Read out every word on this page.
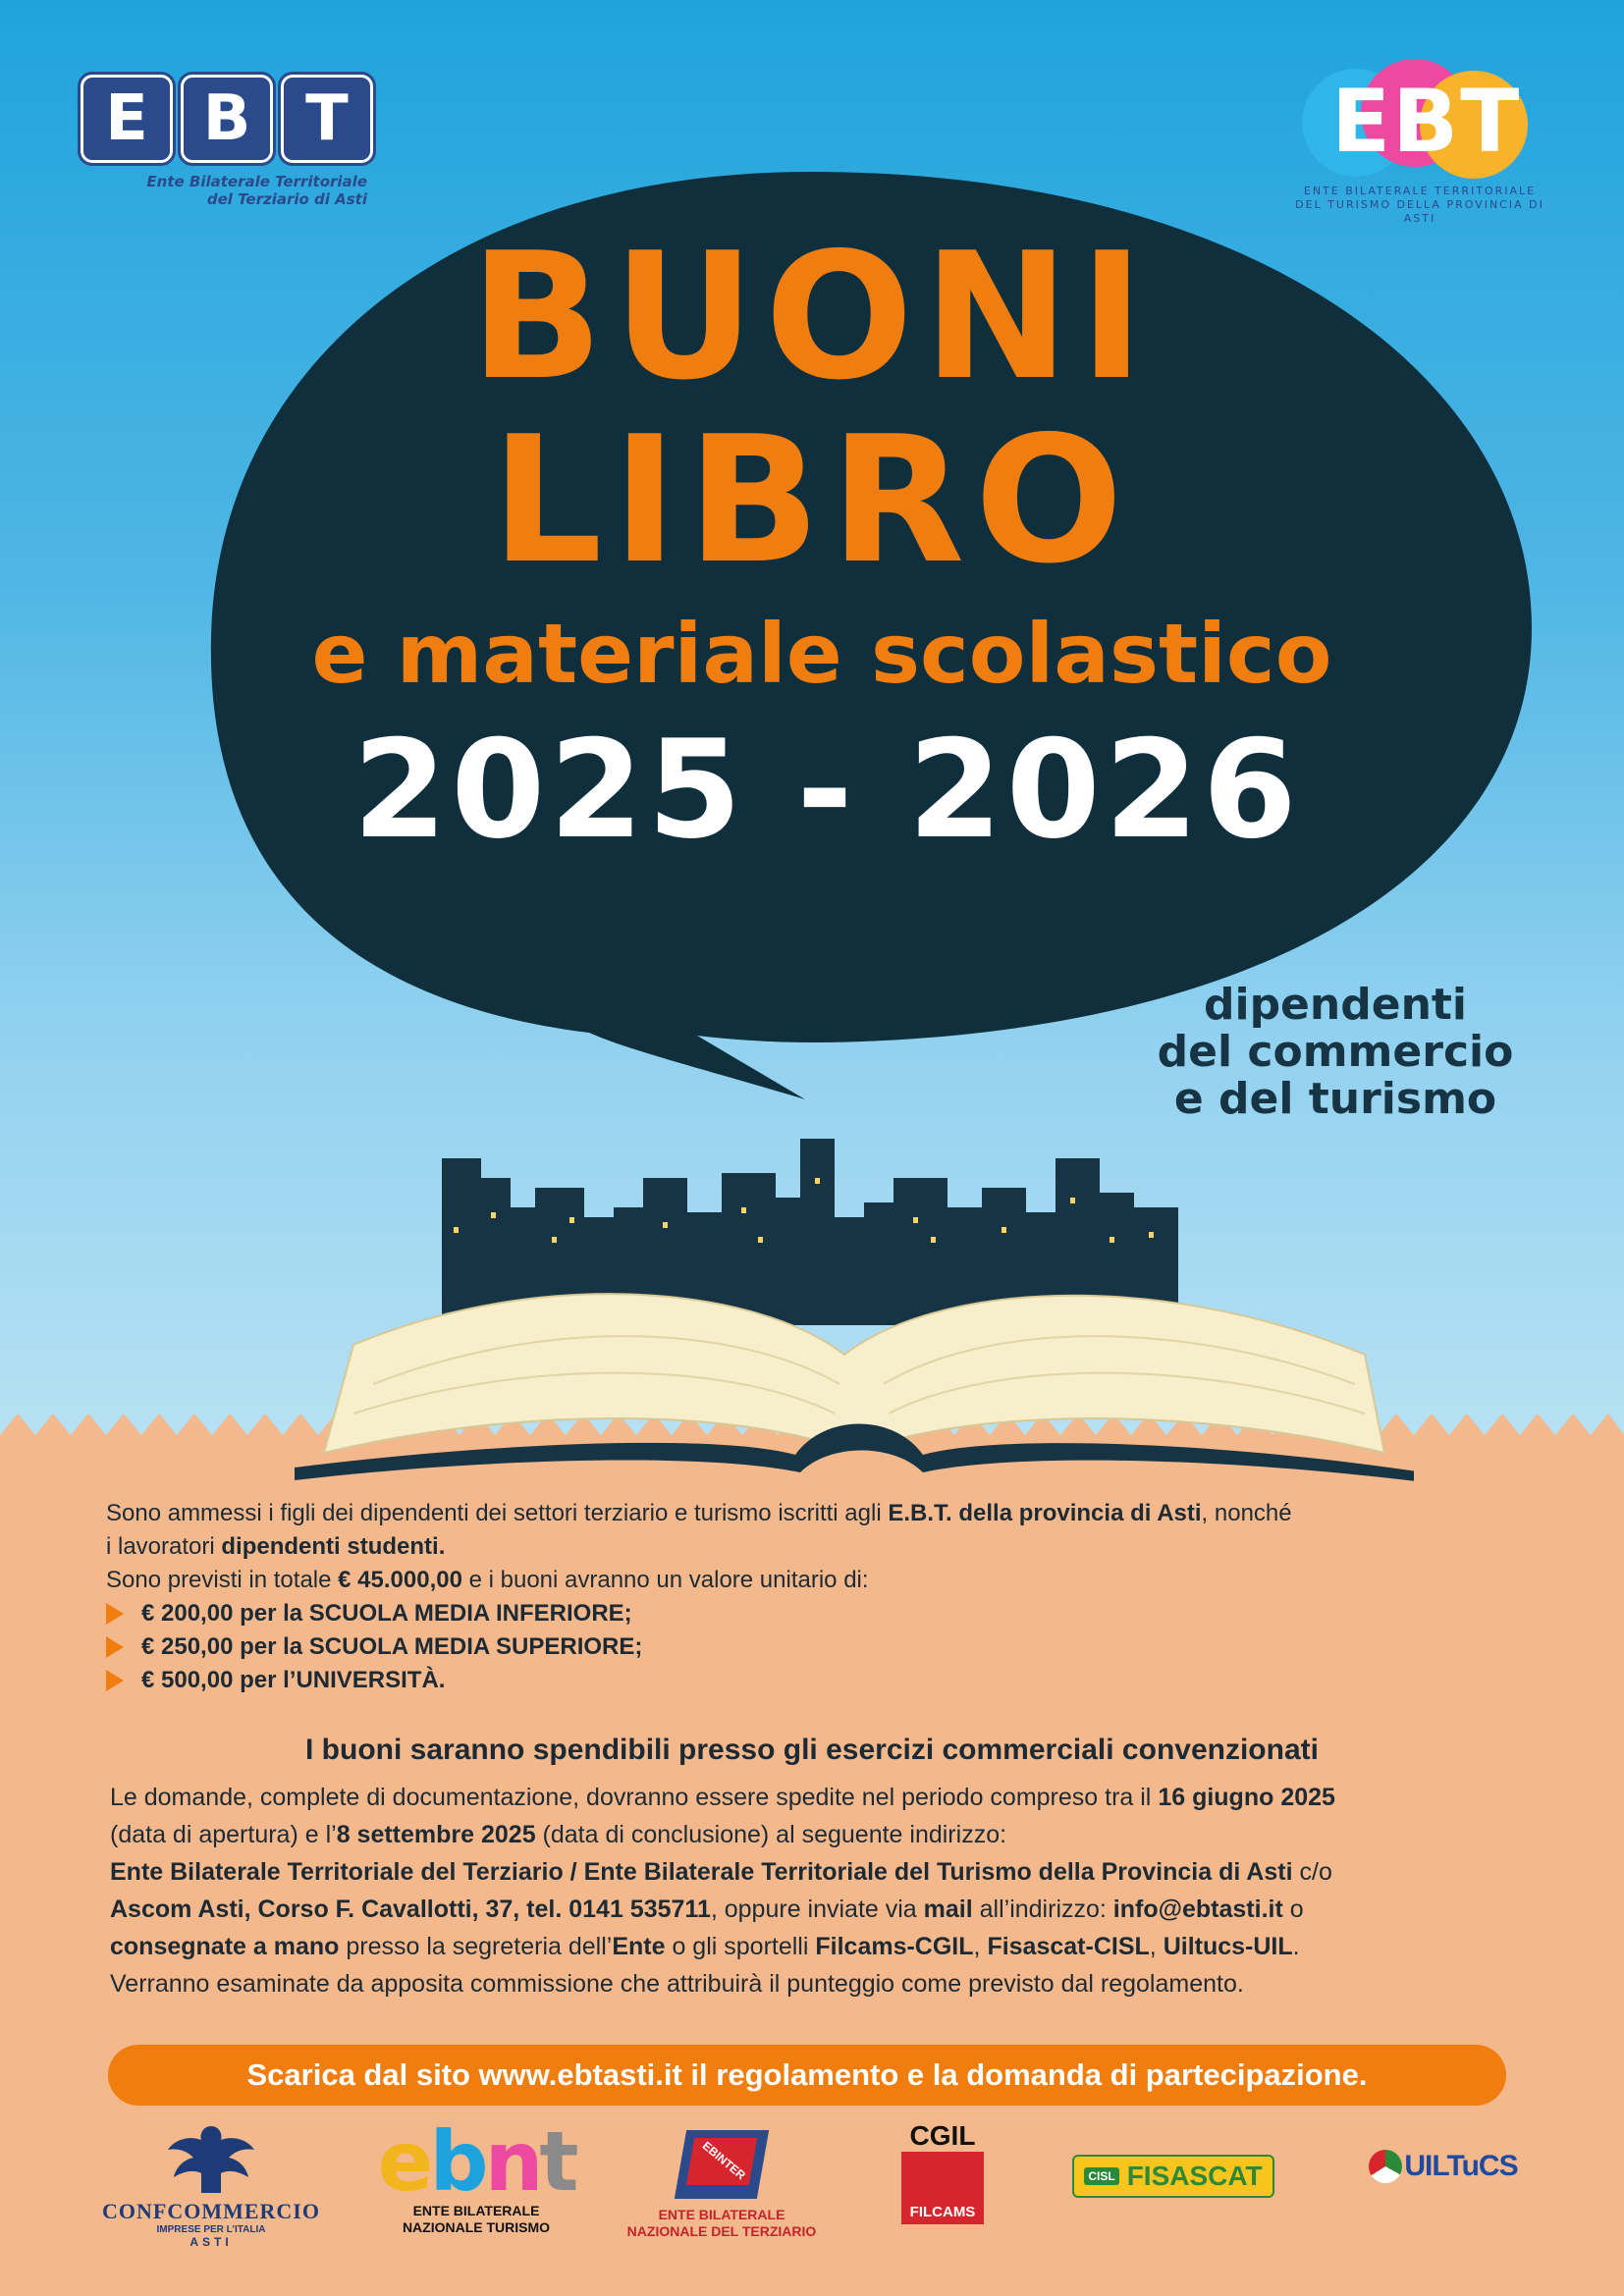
E B T
Ente Bilaterale Territoriale
del Terziario di Asti
EBT
ENTE BILATERALE TERRITORIALE
DEL TURISMO DELLA PROVINCIA DI ASTI
BUONI
LIBRO
e materiale scolastico
2025 - 2026
dipendenti
del commercio
e del turismo
Sono ammessi i figli dei dipendenti dei settori terziario e turismo iscritti agli E.B.T. della provincia di Asti, nonché
i lavoratori dipendenti studenti.
Sono previsti in totale € 45.000,00 e i buoni avranno un valore unitario di:
€ 200,00 per la SCUOLA MEDIA INFERIORE;
€ 250,00 per la SCUOLA MEDIA SUPERIORE;
€ 500,00 per l’UNIVERSITÀ.
I buoni saranno spendibili presso gli esercizi commerciali convenzionati
Le domande, complete di documentazione, dovranno essere spedite nel periodo compreso tra il 16 giugno 2025
(data di apertura) e l’8 settembre 2025 (data di conclusione) al seguente indirizzo:
Ente Bilaterale Territoriale del Terziario / Ente Bilaterale Territoriale del Turismo della Provincia di Asti c/o
Ascom Asti, Corso F. Cavallotti, 37, tel. 0141 535711, oppure inviate via mail all’indirizzo: info@ebtasti.it o
consegnate a mano presso la segreteria dell’Ente o gli sportelli Filcams-CGIL, Fisascat-CISL, Uiltucs-UIL.
Verranno esaminate da apposita commissione che attribuirà il punteggio come previsto dal regolamento.
Scarica dal sito www.ebtasti.it il regolamento e la domanda di partecipazione.
CONFCOMMERCIO
IMPRESE PER L’ITALIA
ASTI
ebnt
ENTE BILATERALE
NAZIONALE TURISMO
EBINTER
ENTE BILATERALE
NAZIONALE DEL TERZIARIO
CGIL
FILCAMS
CISL FISASCAT	UILTuCS
